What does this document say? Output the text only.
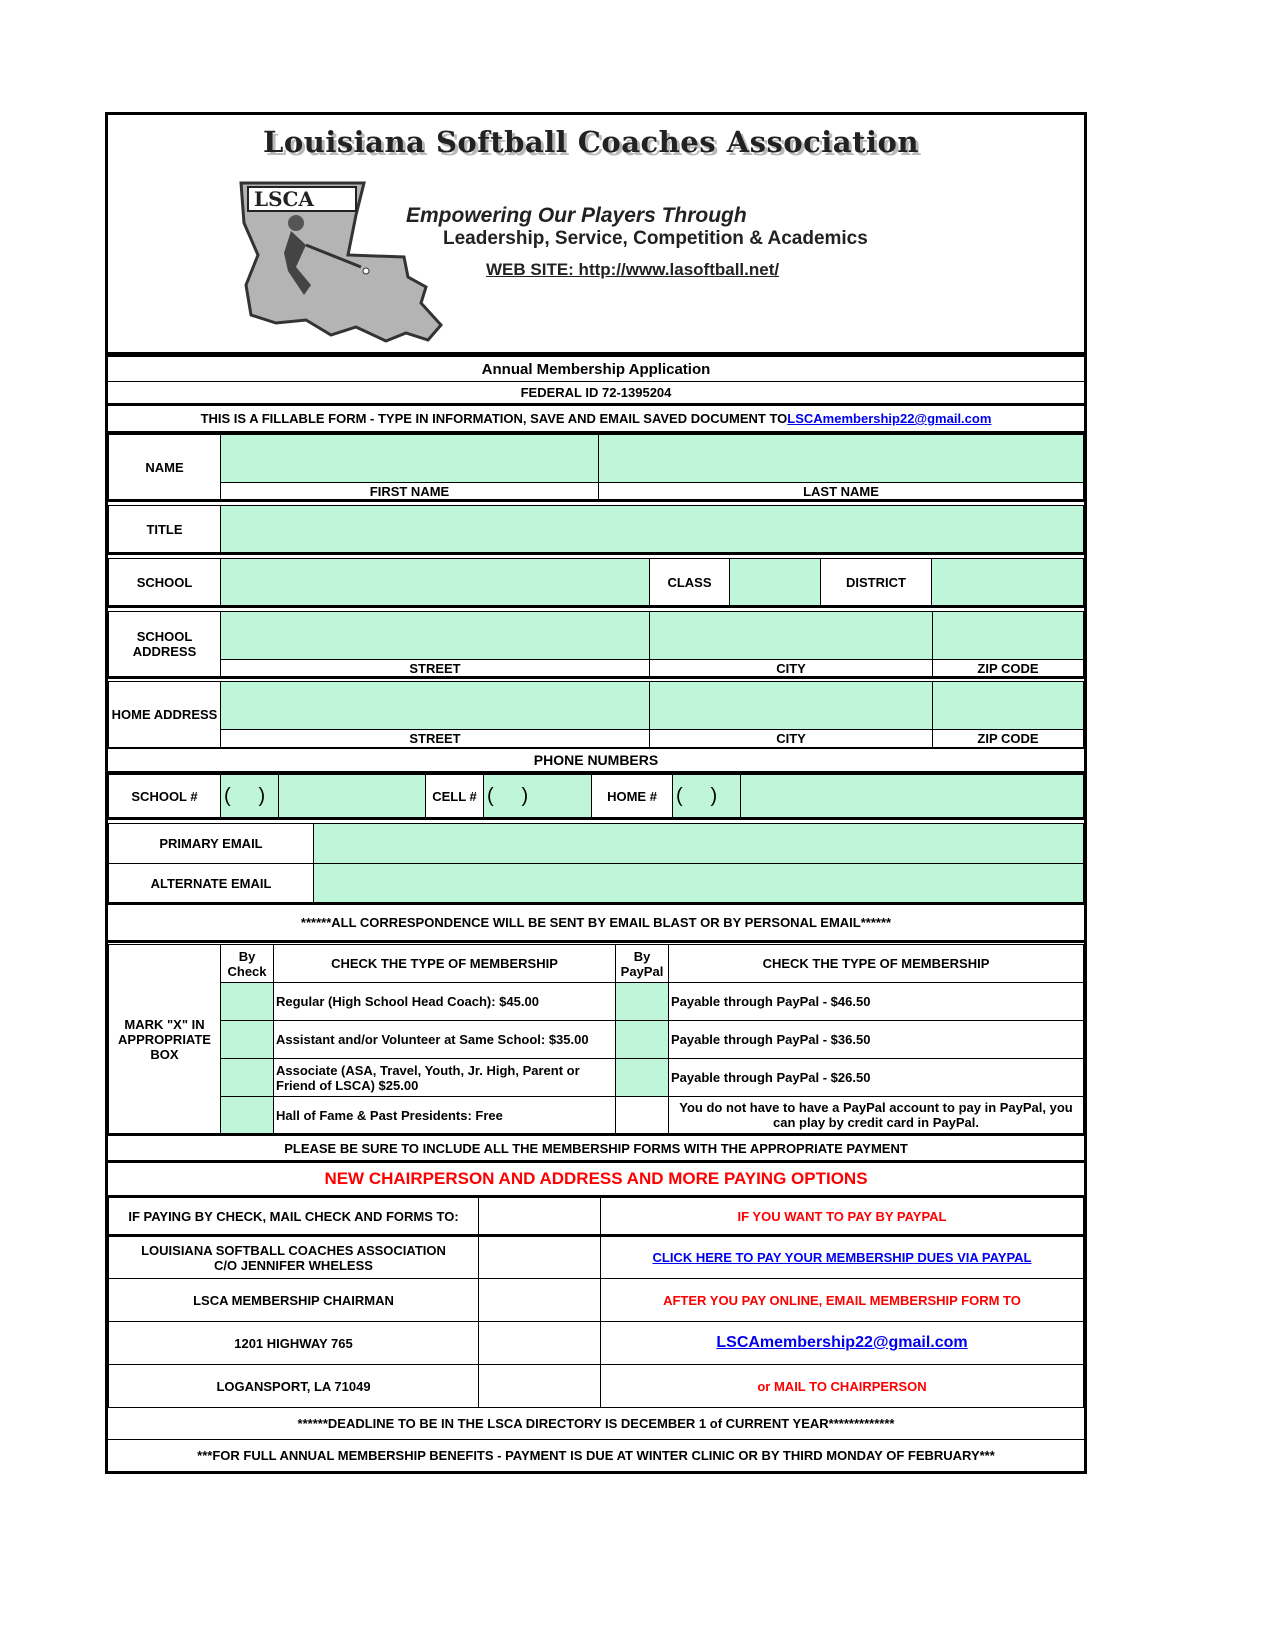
Louisiana Softball Coaches Association
LSCA
Empowering Our Players Through
Leadership, Service, Competition & Academics
WEB SITE: http://www.lasoftball.net/
Annual Membership Application
FEDERAL ID 72-1395204
THIS IS A FILLABLE FORM - TYPE IN INFORMATION, SAVE AND EMAIL SAVED DOCUMENT TO LSCAmembership22@gmail.com
NAME		
	FIRST NAME	LAST NAME
TITLE	
SCHOOL		CLASS		DISTRICT	
SCHOOL ADDRESS			
	STREET	CITY	ZIP CODE
HOME ADDRESS			
	STREET	CITY	ZIP CODE
PHONE NUMBERS
SCHOOL #	( )		CELL #	( )	HOME #	( )	
PRIMARY EMAIL	
ALTERNATE EMAIL	
******ALL CORRESPONDENCE WILL BE SENT BY EMAIL BLAST OR BY PERSONAL EMAIL******
MARK "X" IN APPROPRIATE BOX	By Check	CHECK THE TYPE OF MEMBERSHIP	By PayPal	CHECK THE TYPE OF MEMBERSHIP
		Regular (High School Head Coach): $45.00		Payable through PayPal - $46.50
		Assistant and/or Volunteer at Same School: $35.00		Payable through PayPal - $36.50
		Associate (ASA, Travel, Youth, Jr. High, Parent or Friend of LSCA) $25.00		Payable through PayPal - $26.50
		Hall of Fame & Past Presidents: Free		You do not have to have a PayPal account to pay in PayPal, you can play by credit card in PayPal.
PLEASE BE SURE TO INCLUDE ALL THE MEMBERSHIP FORMS WITH THE APPROPRIATE PAYMENT
NEW CHAIRPERSON AND ADDRESS AND MORE PAYING OPTIONS
IF PAYING BY CHECK, MAIL CHECK AND FORMS TO:		IF YOU WANT TO PAY BY PAYPAL
LOUISIANA SOFTBALL COACHES ASSOCIATION
C/O JENNIFER WHELESS		CLICK HERE TO PAY YOUR MEMBERSHIP DUES VIA PAYPAL
LSCA MEMBERSHIP CHAIRMAN		AFTER YOU PAY ONLINE, EMAIL MEMBERSHIP FORM TO
1201 HIGHWAY 765		LSCAmembership22@gmail.com
LOGANSPORT, LA 71049		or MAIL TO CHAIRPERSON
******DEADLINE TO BE IN THE LSCA DIRECTORY IS DECEMBER 1 of CURRENT YEAR*************
***FOR FULL ANNUAL MEMBERSHIP BENEFITS - PAYMENT IS DUE AT WINTER CLINIC OR BY THIRD MONDAY OF FEBRUARY***
